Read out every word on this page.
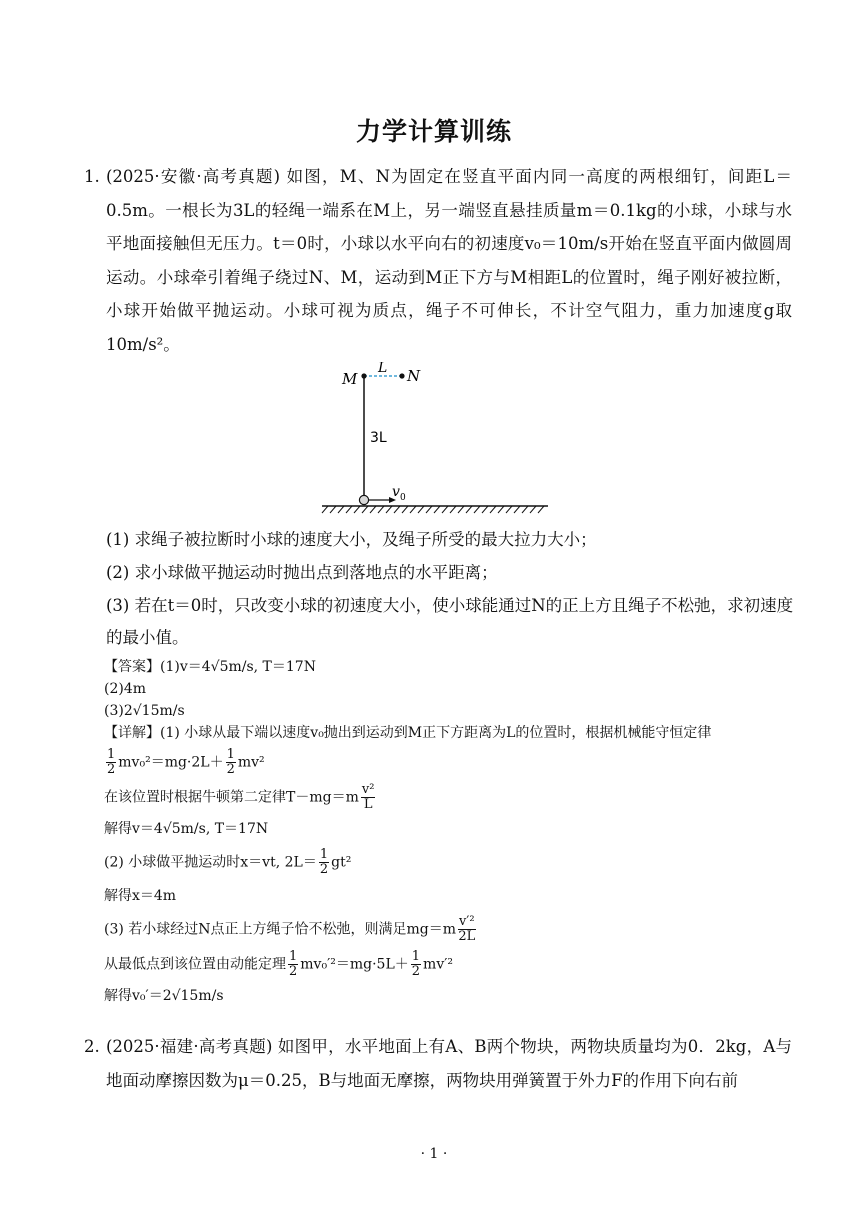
力学计算训练
1. (2025·安徽·高考真题) 如图，M、N为固定在竖直平面内同一高度的两根细钉，间距L＝0.5m。一根长为3L的轻绳一端系在M上，另一端竖直悬挂质量m＝0.1kg的小球，小球与水平地面接触但无压力。t＝0时，小球以水平向右的初速度v₀＝10m/s开始在竖直平面内做圆周运动。小球牵引着绳子绕过N、M，运动到M正下方与M相距L的位置时，绳子刚好被拉断，小球开始做平抛运动。小球可视为质点，绳子不可伸长，不计空气阻力，重力加速度g取10m/s²。
M	N
L
3L
v 0
(1) 求绳子被拉断时小球的速度大小，及绳子所受的最大拉力大小；
(2) 求小球做平抛运动时抛出点到落地点的水平距离；
(3) 若在t＝0时，只改变小球的初速度大小，使小球能通过N的正上方且绳子不松弛，求初速度的最小值。
【答案】(1)v＝4√5m/s, T＝17N
(2)4m
(3)2√15m/s
【详解】(1) 小球从最下端以速度v₀抛出到运动到M正下方距离为L的位置时，根据机械能守恒定律
$\frac{1}{2} mv_0^2=mg\cdot 2L+ \frac{1}{2} mv^2$
在该位置时根据牛顿第二定律$T-mg=m \frac{\text{v²}}{L}$
解得v＝4√5m/s, T＝17N
(2) 小球做平抛运动时x＝vt, $2L= \frac{1}{2} gt^2$
解得x＝4m
(3) 若小球经过N点正上方绳子恰不松弛，则满足$mg=m \frac{\text{v′²}}{2L}$
从最低点到该位置由动能定理 $\frac{1}{2} mv_0'^2=mg\cdot 5L+ \frac{1}{2} mv'^2$
解得v₀′＝2√15m/s
2. (2025·福建·高考真题) 如图甲，水平地面上有A、B两个物块，两物块质量均为0．2kg，A与地面动摩擦因数为μ＝0.25，B与地面无摩擦，两物块用弹簧置于外力F的作用下向右前
· 1 ·
